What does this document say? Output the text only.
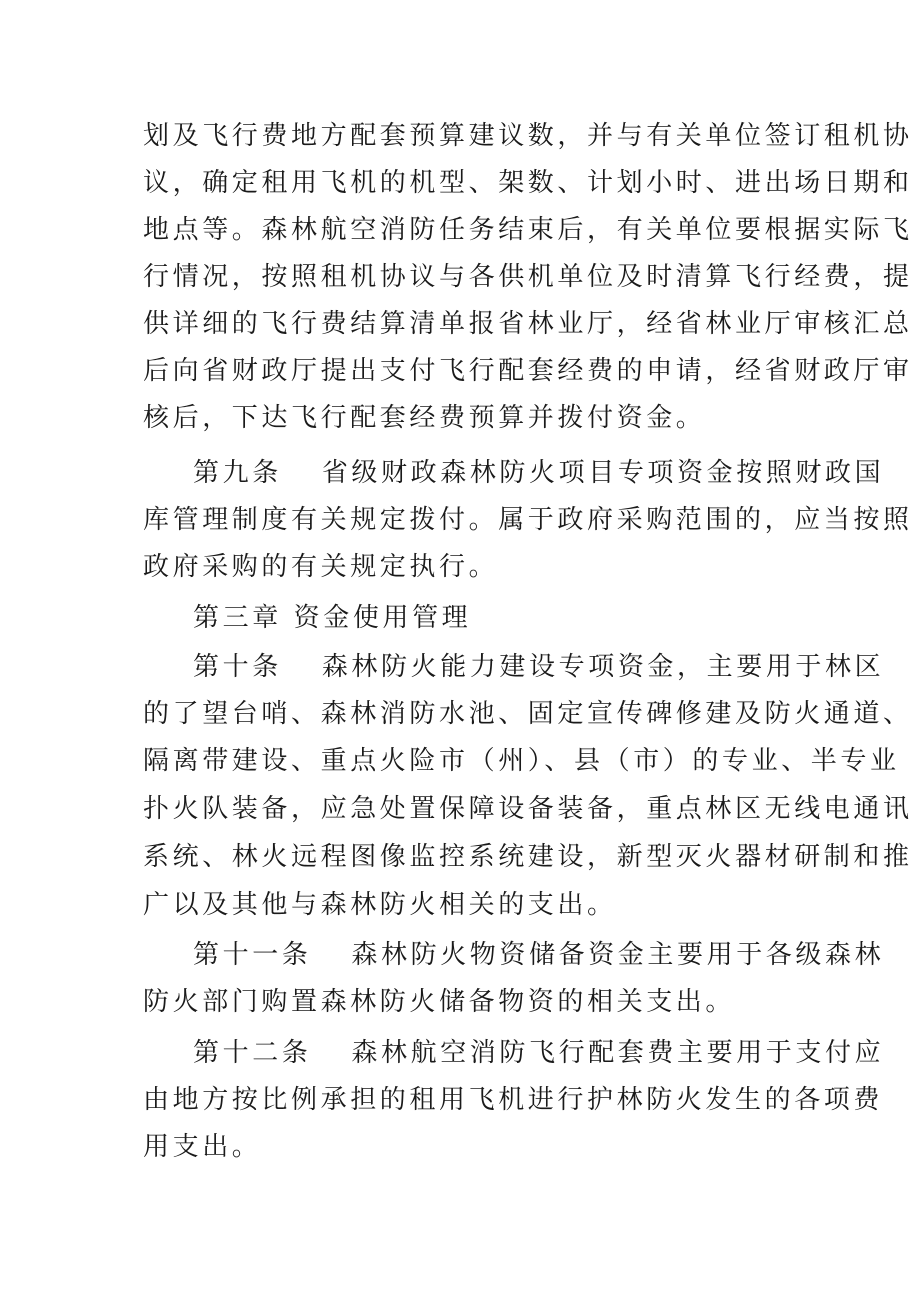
划及飞行费地方配套预算建议数，并与有关单位签订租机协
议，确定租用飞机的机型、架数、计划小时、进出场日期和
地点等。森林航空消防任务结束后，有关单位要根据实际飞
行情况，按照租机协议与各供机单位及时清算飞行经费，提
供详细的飞行费结算清单报省林业厅，经省林业厅审核汇总
后向省财政厅提出支付飞行配套经费的申请，经省财政厅审
核后，下达飞行配套经费预算并拨付资金。
第九条 省级财政森林防火项目专项资金按照财政国
库管理制度有关规定拨付。属于政府采购范围的，应当按照
政府采购的有关规定执行。
第三章 资金使用管理
第十条 森林防火能力建设专项资金，主要用于林区
的了望台哨、森林消防水池、固定宣传碑修建及防火通道、
隔离带建设、重点火险市（州）、县（市）的专业、半专业
扑火队装备，应急处置保障设备装备，重点林区无线电通讯
系统、林火远程图像监控系统建设，新型灭火器材研制和推
广以及其他与森林防火相关的支出。
第十一条 森林防火物资储备资金主要用于各级森林
防火部门购置森林防火储备物资的相关支出。
第十二条 森林航空消防飞行配套费主要用于支付应
由地方按比例承担的租用飞机进行护林防火发生的各项费
用支出。
